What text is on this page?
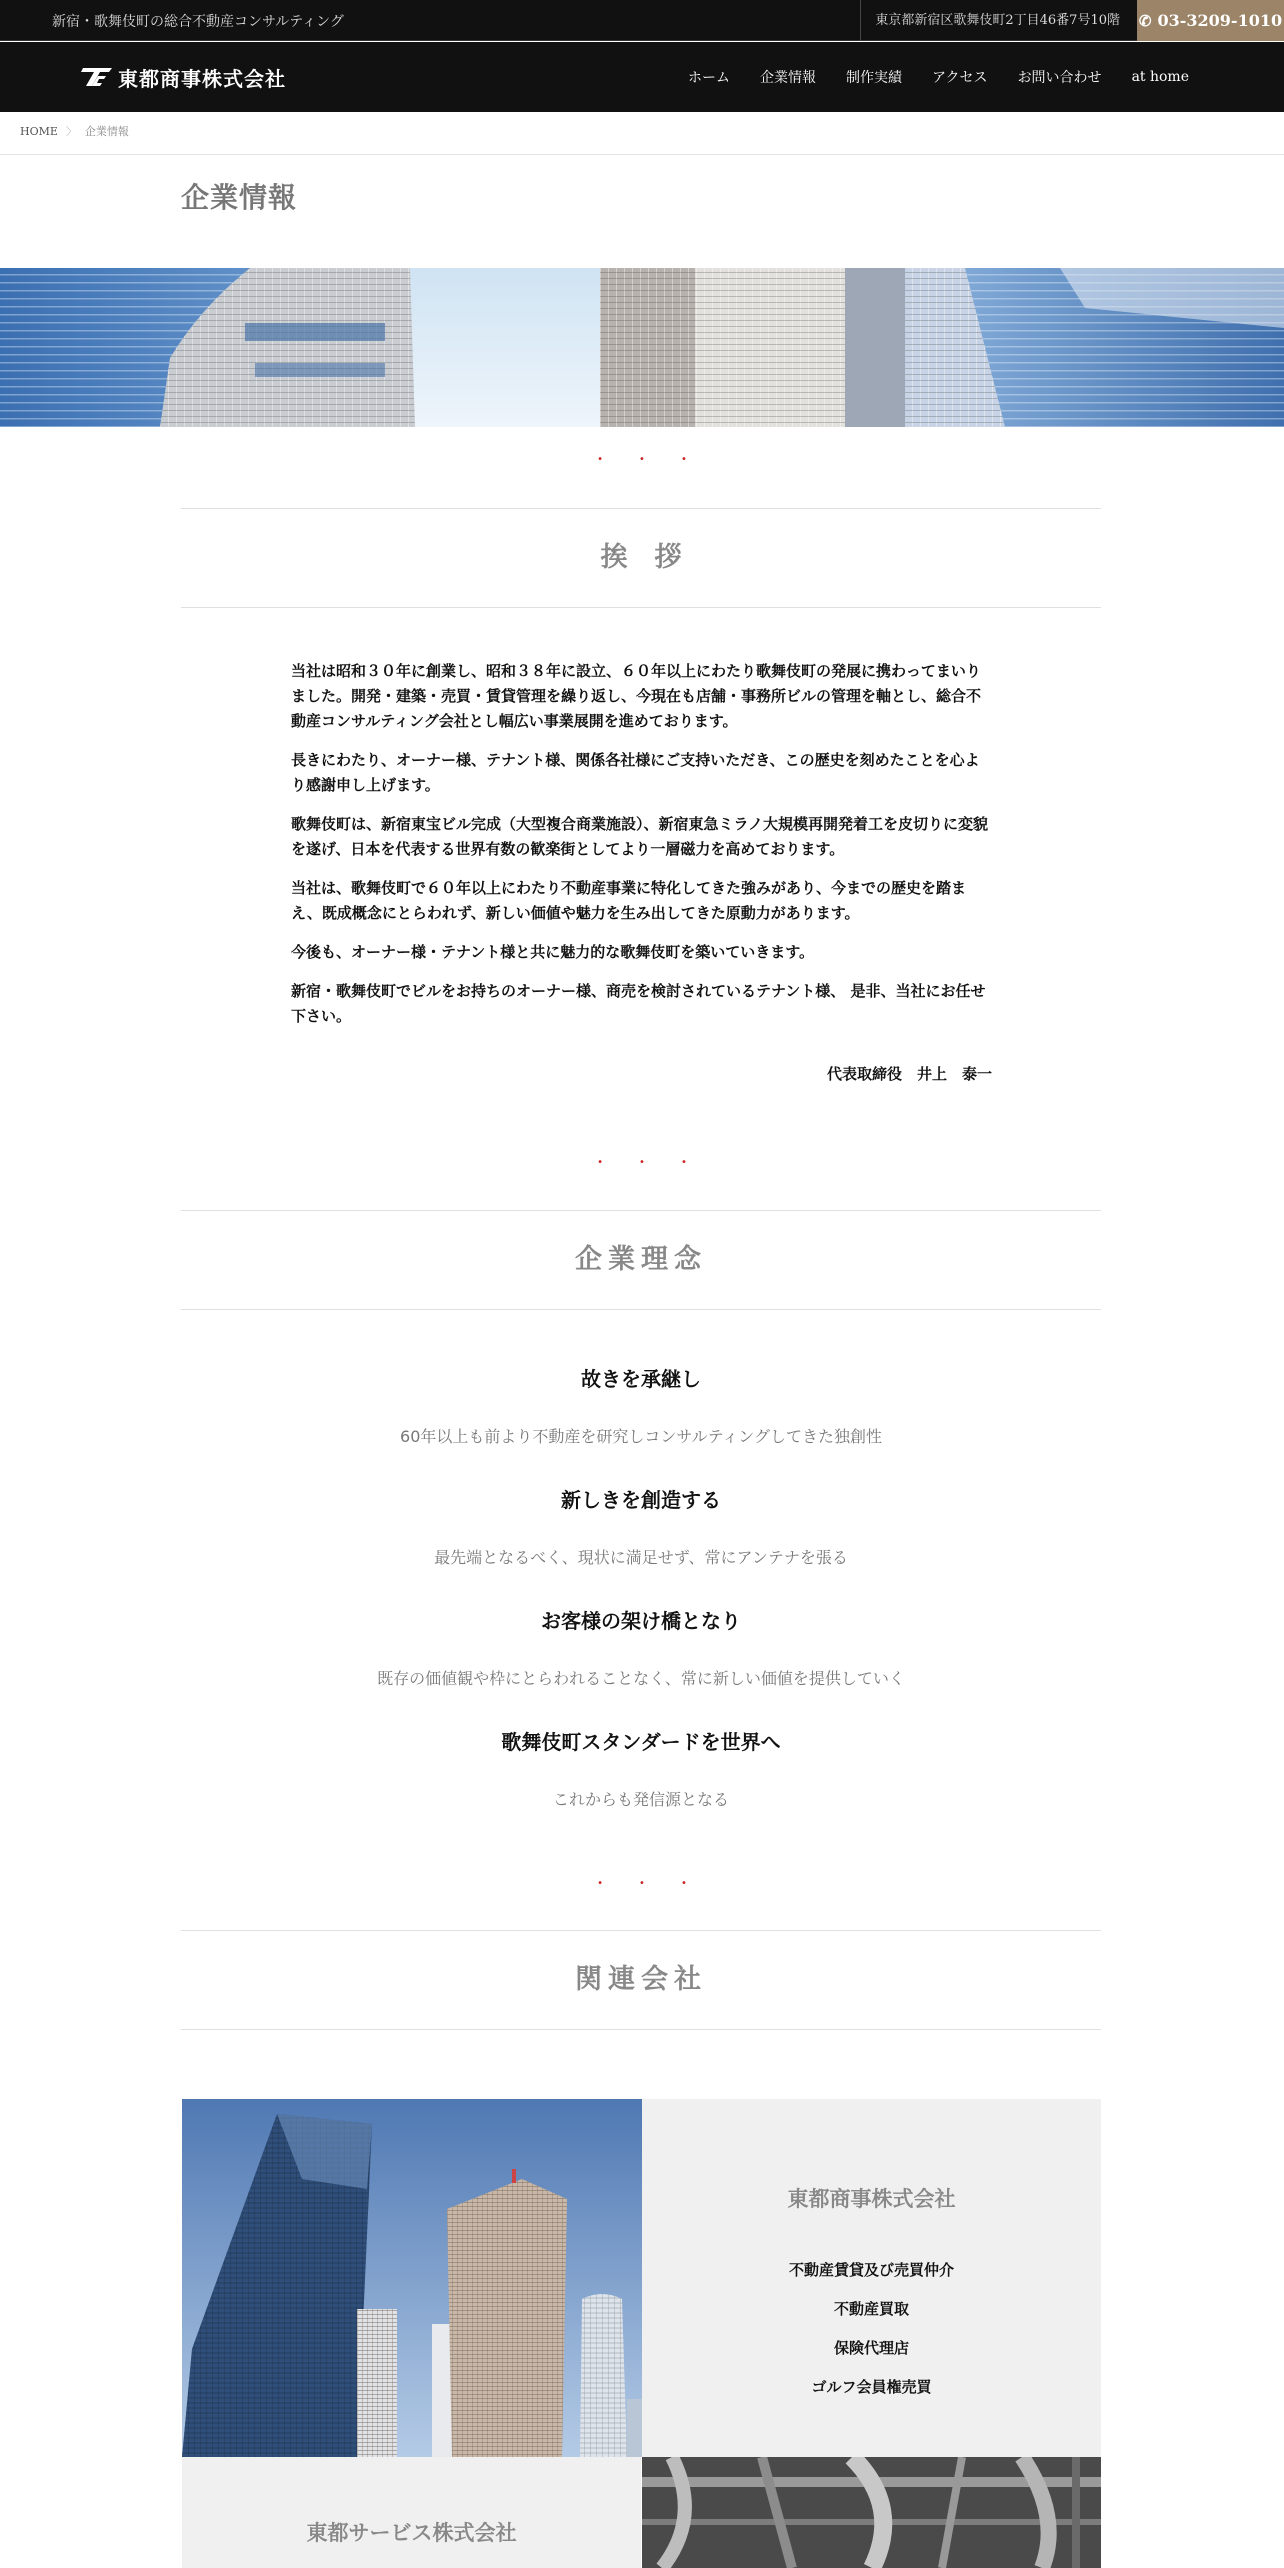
新宿・歌舞伎町の総合不動産コンサルティング	東京都新宿区歌舞伎町2丁目46番7号10階	✆ 03-3209-1010
東都商事株式会社	ホーム 企業情報 制作実績 アクセス お問い合わせ at home
HOME 〉 企業情報
企業情報
•••
挨　拶

当社は昭和３０年に創業し、昭和３８年に設立、６０年以上にわたり歌舞伎町の発展に携わってまいりました。開発・建築・売買・賃貸管理を繰り返し、今現在も店舗・事務所ビルの管理を軸とし、総合不動産コンサルティング会社とし幅広い事業展開を進めております。

長きにわたり、オーナー様、テナント様、関係各社様にご支持いただき、この歴史を刻めたことを心より感謝申し上げます。

歌舞伎町は、新宿東宝ビル完成（大型複合商業施設）、新宿東急ミラノ大規模再開発着工を皮切りに変貌を遂げ、日本を代表する世界有数の歓楽街としてより一層磁力を高めております。

当社は、歌舞伎町で６０年以上にわたり不動産事業に特化してきた強みがあり、今までの歴史を踏まえ、既成概念にとらわれず、新しい価値や魅力を生み出してきた原動力があります。

今後も、オーナー様・テナント様と共に魅力的な歌舞伎町を築いていきます。

新宿・歌舞伎町でビルをお持ちのオーナー様、商売を検討されているテナント様、 是非、当社にお任せ下さい。

代表取締役　井上　泰一
•••
企業理念
故きを承継し

60年以上も前より不動産を研究しコンサルティングしてきた独創性

新しきを創造する

最先端となるべく、現状に満足せず、常にアンテナを張る

お客様の架け橋となり

既存の価値観や枠にとらわれることなく、常に新しい価値を提供していく

歌舞伎町スタンダードを世界へ

これからも発信源となる

•••
関連会社
東都商事株式会社
不動産賃貸及び売買仲介
不動産買取
保険代理店
ゴルフ会員権売買
東都サービス株式会社
